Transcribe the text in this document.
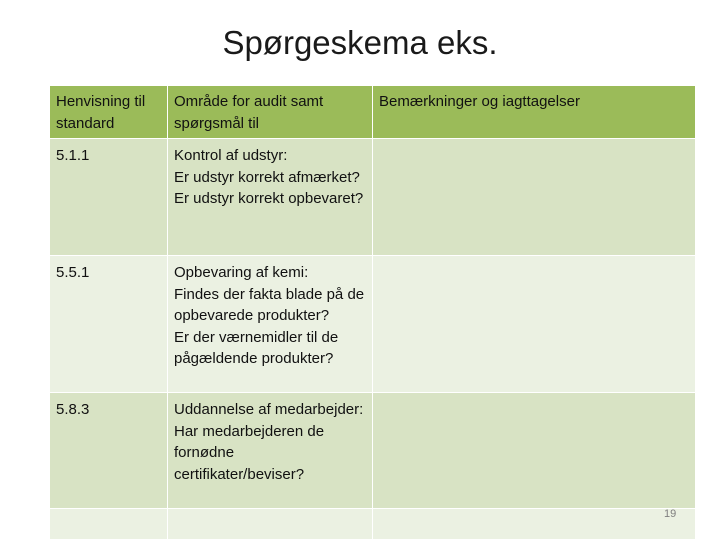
Spørgeskema eks.
Henvisning til standard	Område for audit samt spørgsmål til	Bemærkninger og iagttagelser
5.1.1	Kontrol af udstyr:
Er udstyr korrekt afmærket?
Er udstyr korrekt opbevaret?	
5.5.1	Opbevaring af kemi:
Findes der fakta blade på de opbevarede produkter?
Er der værnemidler til de pågældende produkter?	
5.8.3	Uddannelse af medarbejder:
Har medarbejderen de fornødne certifikater/beviser?	

19
